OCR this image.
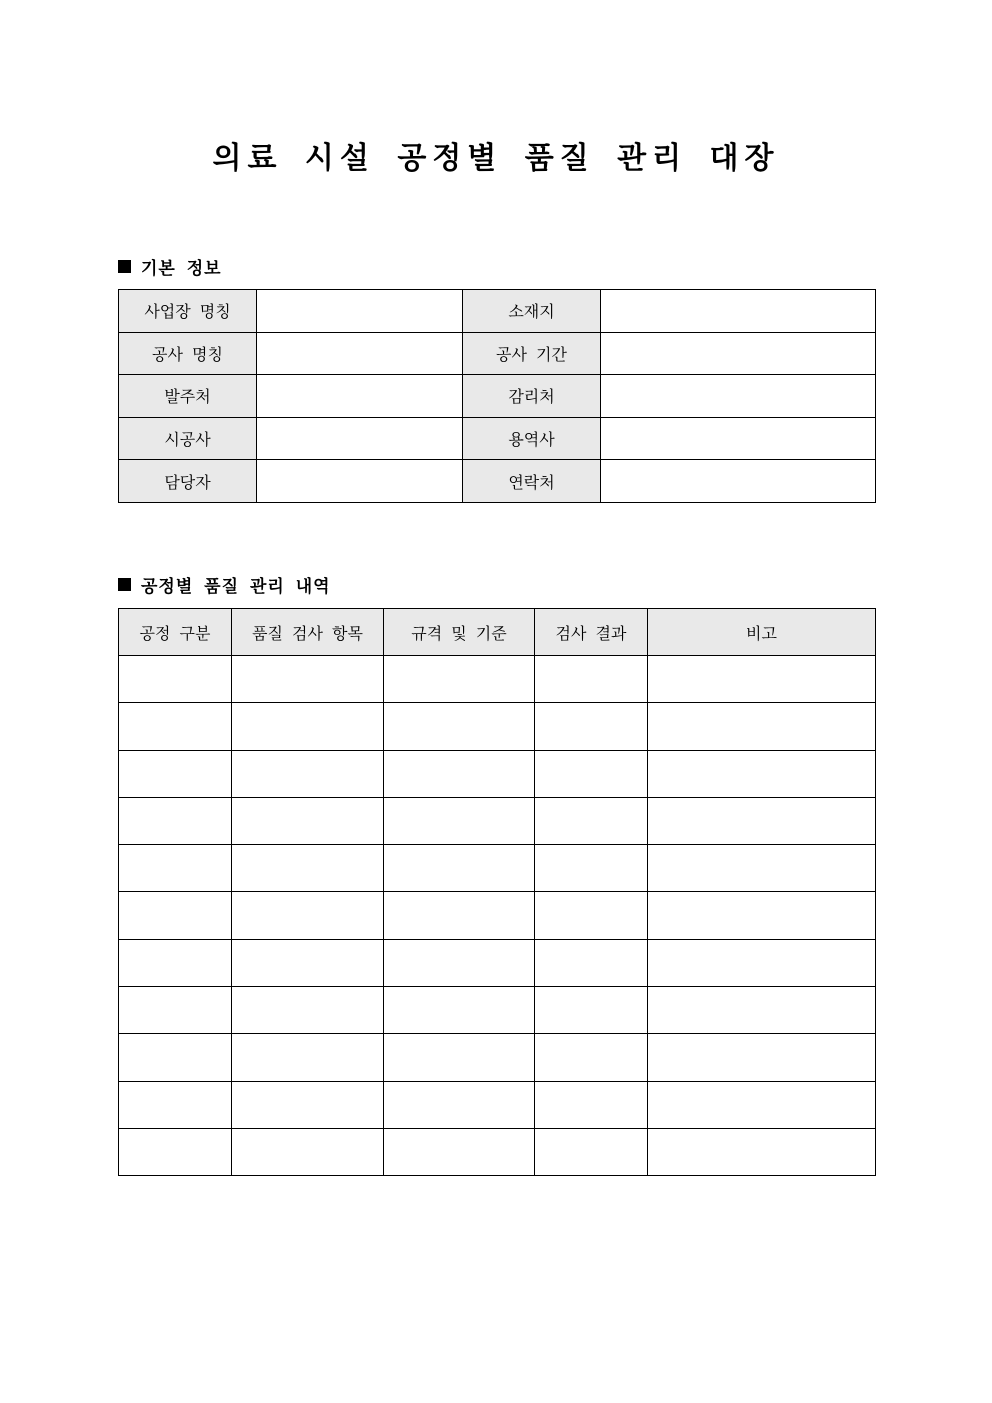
의료 시설 공정별 품질 관리 대장
기본 정보
사업장 명칭		소재지	
공사 명칭		공사 기간	
발주처		감리처	
시공사		용역사	
담당자		연락처	
공정별 품질 관리 내역
공정 구분	품질 검사 항목	규격 및 기준	검사 결과	비고
